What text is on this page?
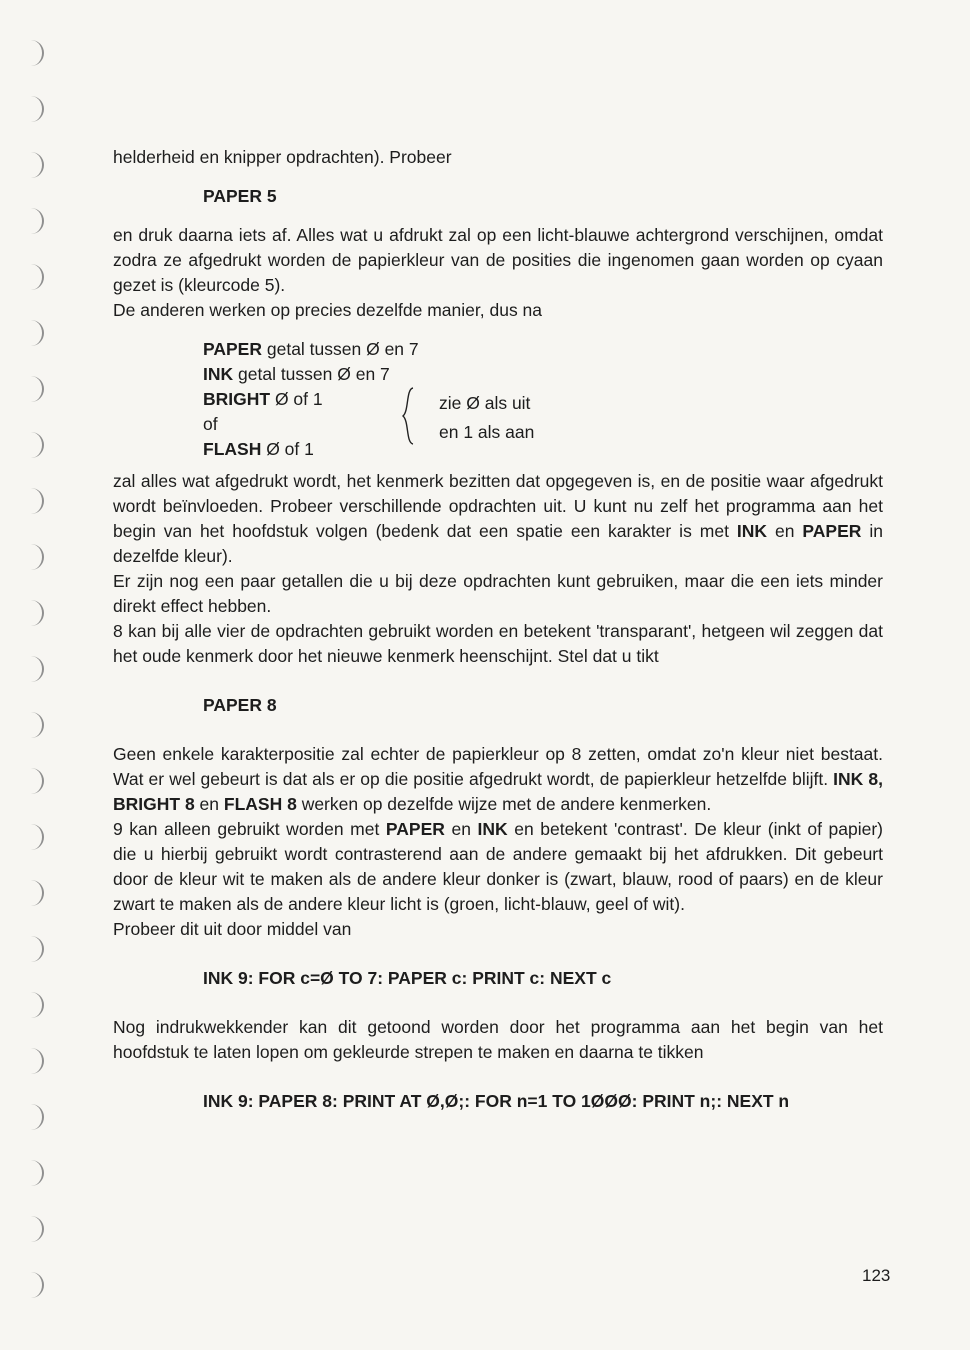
helderheid en knipper opdrachten). Probeer

PAPER 5

en druk daarna iets af. Alles wat u afdrukt zal op een licht-blauwe achtergrond verschijnen, omdat zodra ze afgedrukt worden de papierkleur van de posities die ingenomen gaan worden op cyaan gezet is (kleurcode 5).

De anderen werken op precies dezelfde manier, dus na

PAPER getal tussen Ø en 7
INK getal tussen Ø en 7
BRIGHT Ø of 1
of
FLASH Ø of 1
zie Ø als uit
en 1 als aan

zal alles wat afgedrukt wordt, het kenmerk bezitten dat opgegeven is, en de positie waar afgedrukt wordt beïnvloeden. Probeer verschillende opdrachten uit. U kunt nu zelf het programma aan het begin van het hoofdstuk volgen (bedenk dat een spatie een karakter is met INK en PAPER in dezelfde kleur).

Er zijn nog een paar getallen die u bij deze opdrachten kunt gebruiken, maar die een iets minder direkt effect hebben.

8 kan bij alle vier de opdrachten gebruikt worden en betekent 'transparant', hetgeen wil zeggen dat het oude kenmerk door het nieuwe kenmerk heenschijnt. Stel dat u tikt

PAPER 8

Geen enkele karakterpositie zal echter de papierkleur op 8 zetten, omdat zo'n kleur niet bestaat. Wat er wel gebeurt is dat als er op die positie afgedrukt wordt, de papierkleur hetzelfde blijft. INK 8, BRIGHT 8 en FLASH 8 werken op dezelfde wijze met de andere kenmerken.

9 kan alleen gebruikt worden met PAPER en INK en betekent 'contrast'. De kleur (inkt of papier) die u hierbij gebruikt wordt contrasterend aan de andere gemaakt bij het afdrukken. Dit gebeurt door de kleur wit te maken als de andere kleur donker is (zwart, blauw, rood of paars) en de kleur zwart te maken als de andere kleur licht is (groen, licht-blauw, geel of wit).

Probeer dit uit door middel van

INK 9: FOR c=Ø TO 7: PAPER c: PRINT c: NEXT c

Nog indrukwekkender kan dit getoond worden door het programma aan het begin van het hoofdstuk te laten lopen om gekleurde strepen te maken en daarna te tikken

INK 9: PAPER 8: PRINT AT Ø,Ø;: FOR n=1 TO 1ØØØ: PRINT n;: NEXT n

123
